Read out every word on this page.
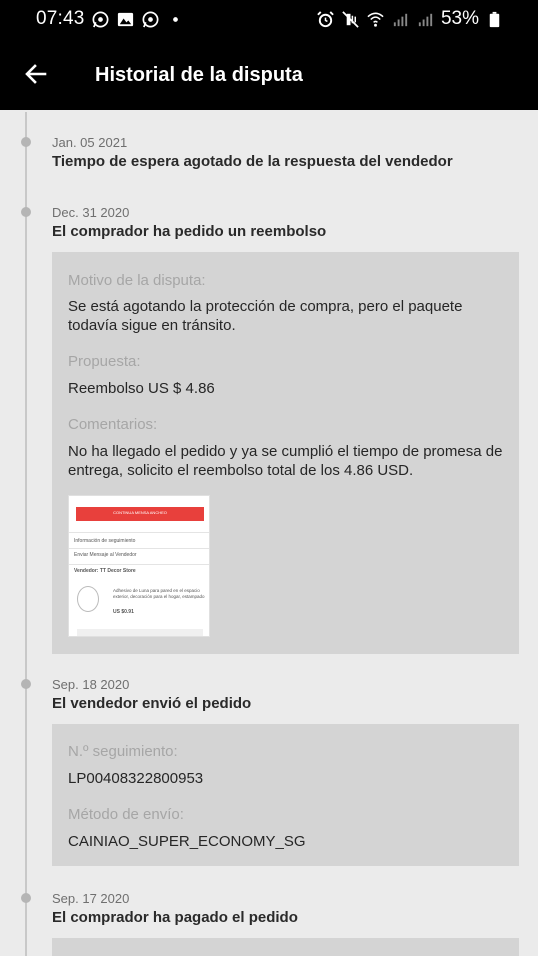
07:43	53%
Historial de la disputa
Jan. 05 2021
Tiempo de espera agotado de la respuesta del vendedor
Dec. 31 2020
El comprador ha pedido un reembolso
Motivo de la disputa:
Se está agotando la protección de compra, pero el paquete todavía sigue en tránsito.
Propuesta:
Reembolso US $ 4.86
Comentarios:
No ha llegado el pedido y ya se cumplió el tiempo de promesa de entrega, solicito el reembolso total de los 4.86 USD.
CONTINUA MENSA ANCHEO
Información de seguimiento
Enviar Mensaje al Vendedor
Vendedor: TT Decor Store
Adhesivo de Luna para pared en el espacio exterior, decoración para el hogar, estampado
US $0.91
Sep. 18 2020
El vendedor envió el pedido
N.º seguimiento:
LP00408322800953
Método de envío:
CAINIAO_SUPER_ECONOMY_SG
Sep. 17 2020
El comprador ha pagado el pedido
